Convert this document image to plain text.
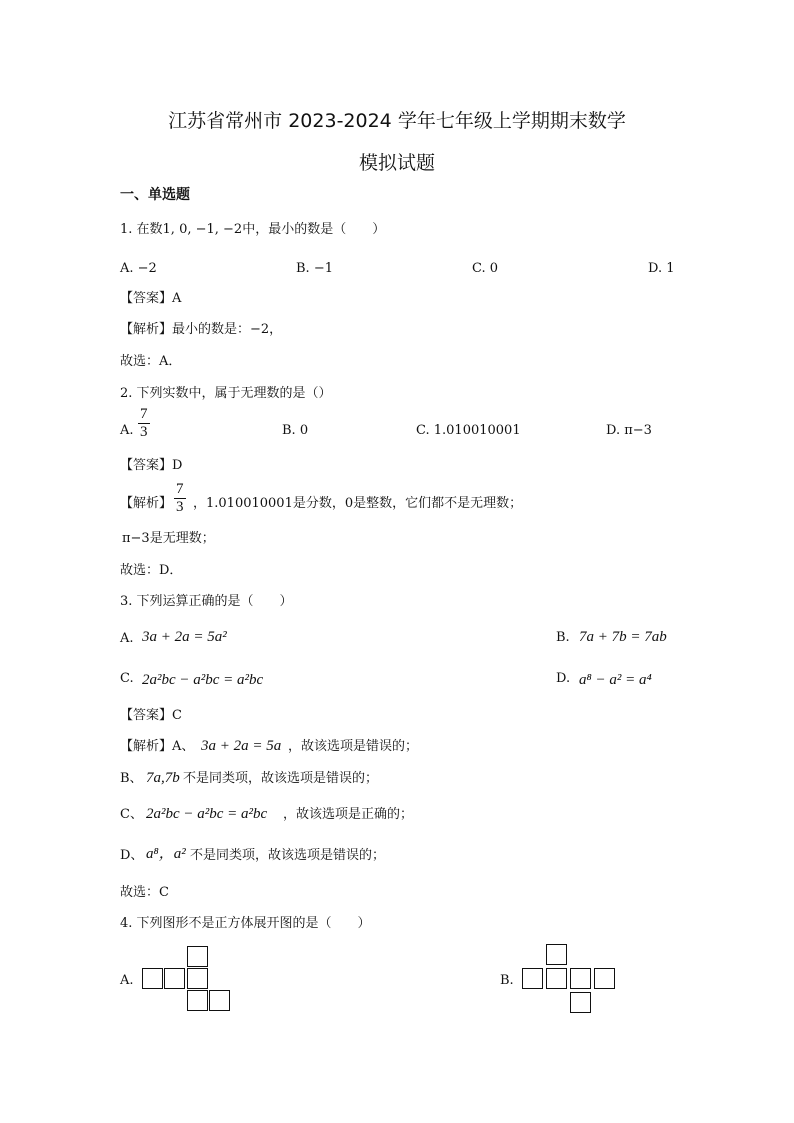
江苏省常州市 2023-2024 学年七年级上学期期末数学
模拟试题
一、单选题
1. 在数1, 0, −1, −2中，最小的数是（　　）
A. −2	B. −1	C. 0	D. 1
【答案】A
【解析】最小的数是：−2，
故选：A．
2. 下列实数中，属于无理数的是（）
A. $\frac{7}{3}$	B. 0	C. 1.010010001	D. π−3
【答案】D
【解析】 $\frac{7}{3}$ ，1.010010001是分数，0是整数，它们都不是无理数；
π−3是无理数；
故选：D．
3. 下列运算正确的是（　　）
A. 3a + 2a = 5a²	B. 7a + 7b = 7ab
C. 2a²bc − a²bc = a²bc	D. a⁸ − a² = a⁴
【答案】C
【解析】A、 3a + 2a = 5a ，故该选项是错误的；
B、 7a,7b 不是同类项，故该选项是错误的；
C、 2a²bc − a²bc = a²bc ，故该选项是正确的；
D、 a⁸，a² 不是同类项，故该选项是错误的；
故选：C
4. 下列图形不是正方体展开图的是（　　）
A.	B.
